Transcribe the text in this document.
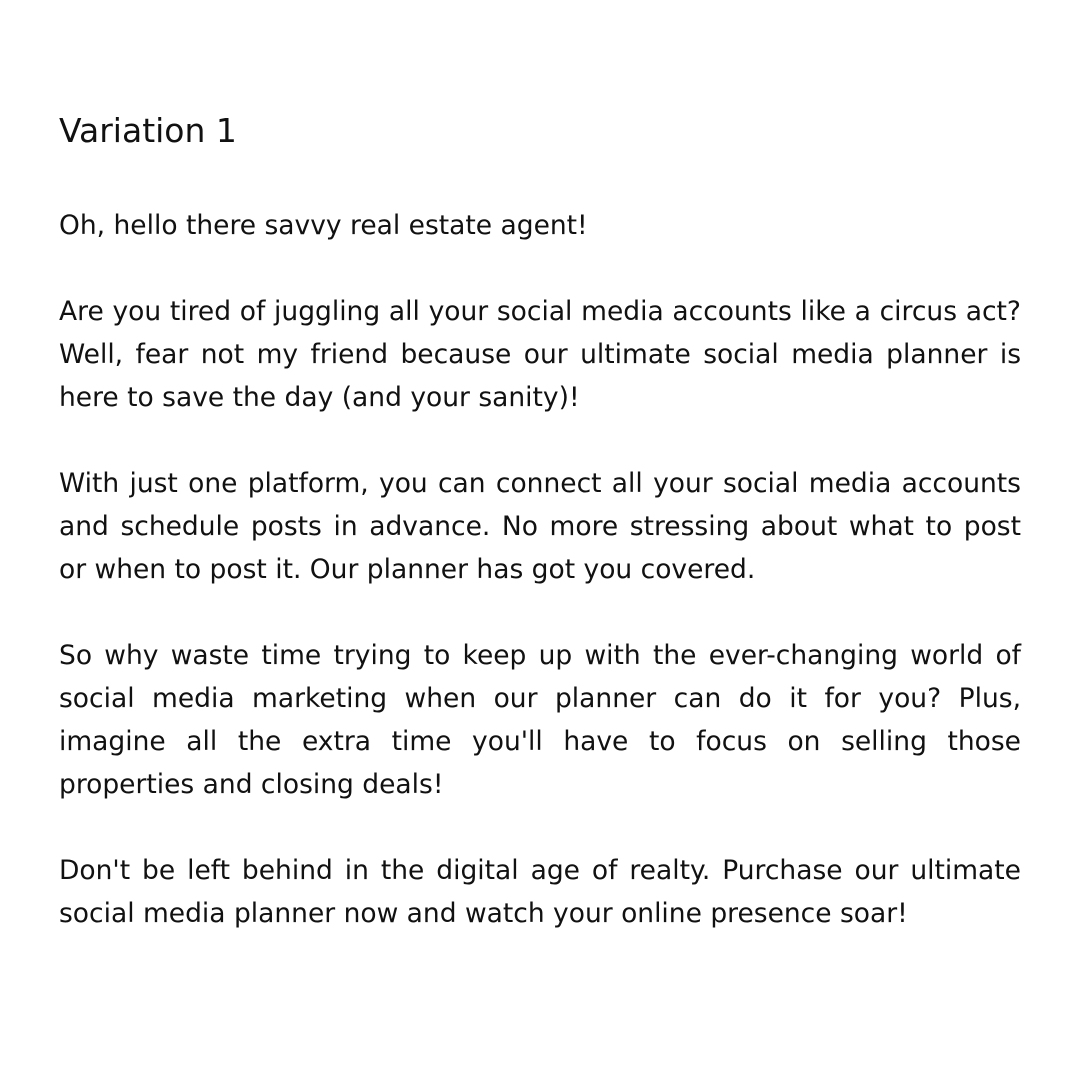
Variation 1

Oh, hello there savvy real estate agent!

Are you tired of juggling all your social media accounts like a circus act? Well, fear not my friend because our ultimate social media planner is here to save the day (and your sanity)!

With just one platform, you can connect all your social media accounts and schedule posts in advance. No more stressing about what to post or when to post it. Our planner has got you covered.

So why waste time trying to keep up with the ever-changing world of social media marketing when our planner can do it for you? Plus, imagine all the extra time you'll have to focus on selling those properties and closing deals!

Don't be left behind in the digital age of realty. Purchase our ultimate social media planner now and watch your online presence soar!
